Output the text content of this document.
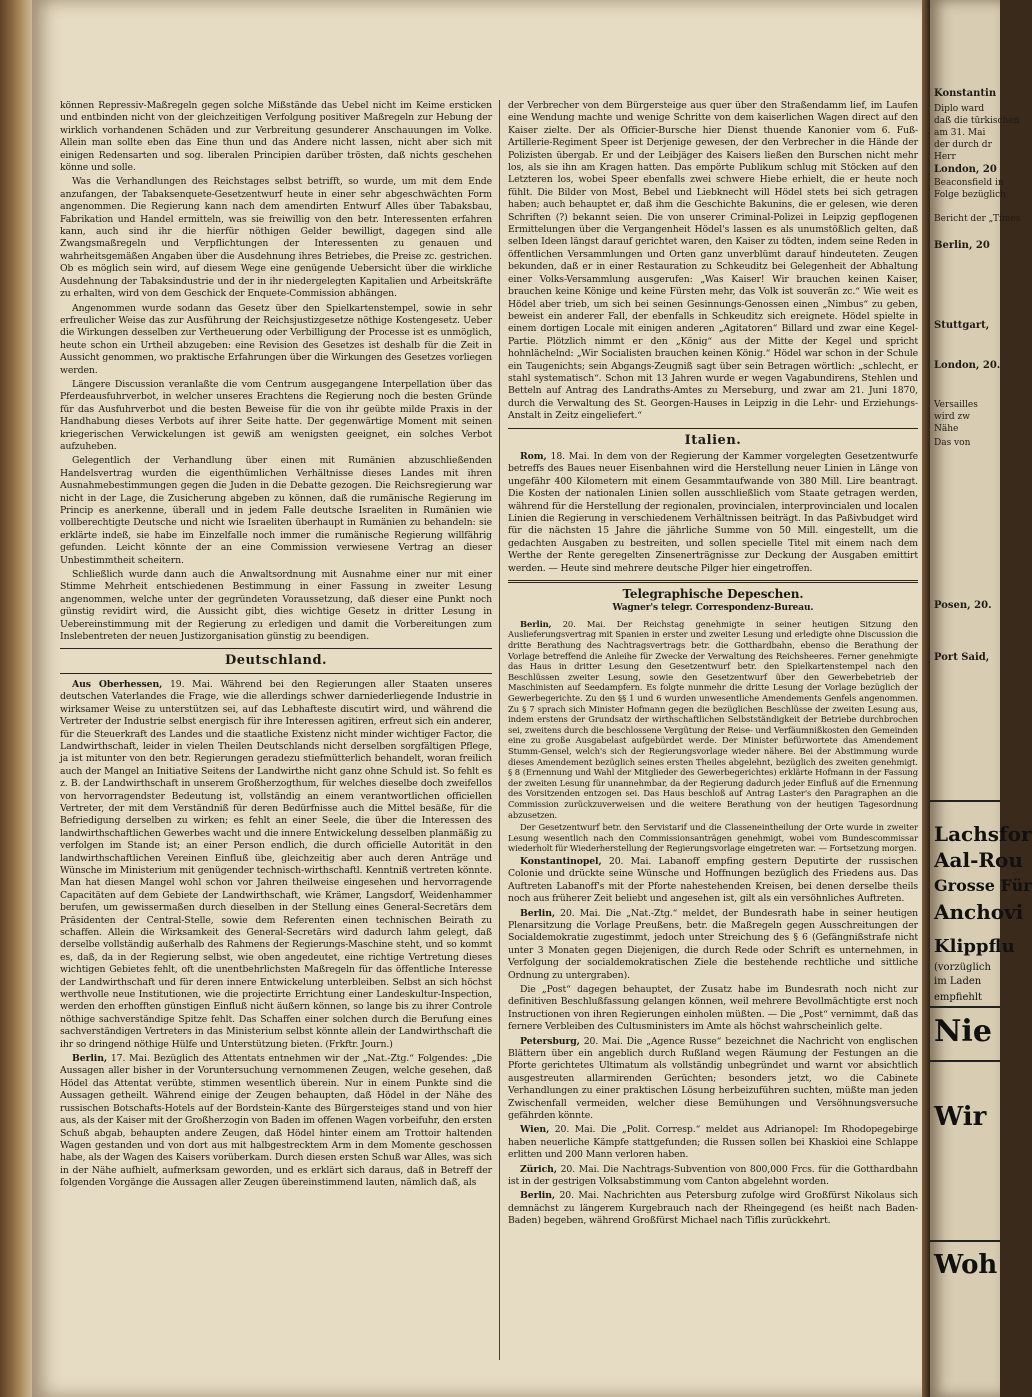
können Repressiv-Maßregeln gegen solche Mißstände das Uebel nicht im Keime ersticken und entbinden nicht von der gleichzeitigen Verfolgung positiver Maßregeln zur Hebung der wirklich vorhandenen Schäden und zur Verbreitung gesunderer Anschauungen im Volke. Allein man sollte eben das Eine thun und das Andere nicht lassen, nicht aber sich mit einigen Redensarten und sog. liberalen Principien darüber trösten, daß nichts geschehen könne und solle.

Was die Verhandlungen des Reichstages selbst betrifft, so wurde, um mit dem Ende anzufangen, der Tabaksenquete-Gesetzentwurf heute in einer sehr abgeschwächten Form angenommen. Die Regierung kann nach dem amendirten Entwurf Alles über Tabaksbau, Fabrikation und Handel ermitteln, was sie freiwillig von den betr. Interessenten erfahren kann, auch sind ihr die hierfür nöthigen Gelder bewilligt, dagegen sind alle Zwangsmaßregeln und Verpflichtungen der Interessenten zu genauen und wahrheitsgemäßen Angaben über die Ausdehnung ihres Betriebes, die Preise zc. gestrichen. Ob es möglich sein wird, auf diesem Wege eine genügende Uebersicht über die wirkliche Ausdehnung der Tabaksindustrie und der in ihr niedergelegten Kapitalien und Arbeitskräfte zu erhalten, wird von dem Geschick der Enquete-Commission abhängen.

Angenommen wurde sodann das Gesetz über den Spielkartenstempel, sowie in sehr erfreulicher Weise das zur Ausführung der Reichsjustizgesetze nöthige Kostengesetz. Ueber die Wirkungen desselben zur Vertheuerung oder Verbilligung der Processe ist es unmöglich, heute schon ein Urtheil abzugeben: eine Revision des Gesetzes ist deshalb für die Zeit in Aussicht genommen, wo praktische Erfahrungen über die Wirkungen des Gesetzes vorliegen werden.

Längere Discussion veranlaßte die vom Centrum ausgegangene Interpellation über das Pferdeausfuhrverbot, in welcher unseres Erachtens die Regierung noch die besten Gründe für das Ausfuhrverbot und die besten Beweise für die von ihr geübte milde Praxis in der Handhabung dieses Verbots auf ihrer Seite hatte. Der gegenwärtige Moment mit seinen kriegerischen Verwickelungen ist gewiß am wenigsten geeignet, ein solches Verbot aufzuheben.

Gelegentlich der Verhandlung über einen mit Rumänien abzuschließenden Handelsvertrag wurden die eigenthümlichen Verhältnisse dieses Landes mit ihren Ausnahmebestimmungen gegen die Juden in die Debatte gezogen. Die Reichsregierung war nicht in der Lage, die Zusicherung abgeben zu können, daß die rumänische Regierung im Princip es anerkenne, überall und in jedem Falle deutsche Israeliten in Rumänien wie vollberechtigte Deutsche und nicht wie Israeliten überhaupt in Rumänien zu behandeln: sie erklärte indeß, sie habe im Einzelfalle noch immer die rumänische Regierung willfährig gefunden. Leicht könnte der an eine Commission verwiesene Vertrag an dieser Unbestimmtheit scheitern.

Schließlich wurde dann auch die Anwaltsordnung mit Ausnahme einer nur mit einer Stimme Mehrheit entschiedenen Bestimmung in einer Fassung in zweiter Lesung angenommen, welche unter der gegründeten Voraussetzung, daß dieser eine Punkt noch günstig revidirt wird, die Aussicht gibt, dies wichtige Gesetz in dritter Lesung in Uebereinstimmung mit der Regierung zu erledigen und damit die Vorbereitungen zum Inslebentreten der neuen Justizorganisation günstig zu beendigen.

Deutschland.

Aus Oberhessen, 19. Mai. Während bei den Regierungen aller Staaten unseres deutschen Vaterlandes die Frage, wie die allerdings schwer darniederliegende Industrie in wirksamer Weise zu unterstützen sei, auf das Lebhafteste discutirt wird, und während die Vertreter der Industrie selbst energisch für ihre Interessen agitiren, erfreut sich ein anderer, für die Steuerkraft des Landes und die staatliche Existenz nicht minder wichtiger Factor, die Landwirthschaft, leider in vielen Theilen Deutschlands nicht derselben sorgfältigen Pflege, ja ist mitunter von den betr. Regierungen geradezu stiefmütterlich behandelt, woran freilich auch der Mangel an Initiative Seitens der Landwirthe nicht ganz ohne Schuld ist. So fehlt es z. B. der Landwirthschaft in unserem Großherzogthum, für welches dieselbe doch zweifellos von hervorragendster Bedeutung ist, vollständig an einem verantwortlichen officiellen Vertreter, der mit dem Verständniß für deren Bedürfnisse auch die Mittel besäße, für die Befriedigung derselben zu wirken; es fehlt an einer Seele, die über die Interessen des landwirthschaftlichen Gewerbes wacht und die innere Entwickelung desselben planmäßig zu verfolgen im Stande ist; an einer Person endlich, die durch officielle Autorität in den landwirthschaftlichen Vereinen Einfluß übe, gleichzeitig aber auch deren Anträge und Wünsche im Ministerium mit genügender technisch-wirthschaftl. Kenntniß vertreten könnte. Man hat diesen Mangel wohl schon vor Jahren theilweise eingesehen und hervorragende Capacitäten auf dem Gebiete der Landwirthschaft, wie Krämer, Langsdorf, Weidenhammer berufen, um gewissermaßen durch dieselben in der Stellung eines General-Secretärs dem Präsidenten der Central-Stelle, sowie dem Referenten einen technischen Beirath zu schaffen. Allein die Wirksamkeit des General-Secretärs wird dadurch lahm gelegt, daß derselbe vollständig außerhalb des Rahmens der Regierungs-Maschine steht, und so kommt es, daß, da in der Regierung selbst, wie oben angedeutet, eine richtige Vertretung dieses wichtigen Gebietes fehlt, oft die unentbehrlichsten Maßregeln für das öffentliche Interesse der Landwirthschaft und für deren innere Entwickelung unterbleiben. Selbst an sich höchst werthvolle neue Institutionen, wie die projectirte Errichtung einer Landeskultur-Inspection, werden den erhofften günstigen Einfluß nicht äußern können, so lange bis zu ihrer Controle nöthige sachverständige Spitze fehlt. Das Schaffen einer solchen durch die Berufung eines sachverständigen Vertreters in das Ministerium selbst könnte allein der Landwirthschaft die ihr so dringend nöthige Hülfe und Unterstützung bieten. (Frkftr. Journ.)

Berlin, 17. Mai. Bezüglich des Attentats entnehmen wir der „Nat.-Ztg.“ Folgendes: „Die Aussagen aller bisher in der Voruntersuchung vernommenen Zeugen, welche gesehen, daß Hödel das Attentat verübte, stimmen wesentlich überein. Nur in einem Punkte sind die Aussagen getheilt. Während einige der Zeugen behaupten, daß Hödel in der Nähe des russischen Botschafts-Hotels auf der Bordstein-Kante des Bürgersteiges stand und von hier aus, als der Kaiser mit der Großherzogin von Baden im offenen Wagen vorbeifuhr, den ersten Schuß abgab, behaupten andere Zeugen, daß Hödel hinter einem am Trottoir haltenden Wagen gestanden und von dort aus mit halbgestrecktem Arm in dem Momente geschossen habe, als der Wagen des Kaisers vorüberkam. Durch diesen ersten Schuß war Alles, was sich in der Nähe aufhielt, aufmerksam geworden, und es erklärt sich daraus, daß in Betreff der folgenden Vorgänge die Aussagen aller Zeugen übereinstimmend lauten, nämlich daß, als

der Verbrecher von dem Bürgersteige aus quer über den Straßendamm lief, im Laufen eine Wendung machte und wenige Schritte von dem kaiserlichen Wagen direct auf den Kaiser zielte. Der als Officier-Bursche hier Dienst thuende Kanonier vom 6. Fuß-Artillerie-Regiment Speer ist Derjenige gewesen, der den Verbrecher in die Hände der Polizisten übergab. Er und der Leibjäger des Kaisers ließen den Burschen nicht mehr los, als sie ihn am Kragen hatten. Das empörte Publikum schlug mit Stöcken auf den Letzteren los, wobei Speer ebenfalls zwei schwere Hiebe erhielt, die er heute noch fühlt. Die Bilder von Most, Bebel und Liebknecht will Hödel stets bei sich getragen haben; auch behauptet er, daß ihm die Geschichte Bakunins, die er gelesen, wie deren Schriften (?) bekannt seien. Die von unserer Criminal-Polizei in Leipzig gepflogenen Ermittelungen über die Vergangenheit Hödel's lassen es als unumstößlich gelten, daß selben Ideen längst darauf gerichtet waren, den Kaiser zu tödten, indem seine Reden in öffentlichen Versammlungen und Orten ganz unverblümt darauf hindeuteten. Zeugen bekunden, daß er in einer Restauration zu Schkeuditz bei Gelegenheit der Abhaltung einer Volks-Versammlung ausgerufen: „Was Kaiser! Wir brauchen keinen Kaiser, brauchen keine Könige und keine Fürsten mehr, das Volk ist souverän zc.“ Wie weit es Hödel aber trieb, um sich bei seinen Gesinnungs-Genossen einen „Nimbus“ zu geben, beweist ein anderer Fall, der ebenfalls in Schkeuditz sich ereignete. Hödel spielte in einem dortigen Locale mit einigen anderen „Agitatoren“ Billard und zwar eine Kegel-Partie. Plötzlich nimmt er den „König“ aus der Mitte der Kegel und spricht hohnlächelnd: „Wir Socialisten brauchen keinen König.“ Hödel war schon in der Schule ein Taugenichts; sein Abgangs-Zeugniß sagt über sein Betragen wörtlich: „schlecht, er stahl systematisch“. Schon mit 13 Jahren wurde er wegen Vagabundirens, Stehlen und Betteln auf Antrag des Landraths-Amtes zu Merseburg, und zwar am 21. Juni 1870, durch die Verwaltung des St. Georgen-Hauses in Leipzig in die Lehr- und Erziehungs-Anstalt in Zeitz eingeliefert.“

Italien.

Rom, 18. Mai. In dem von der Regierung der Kammer vorgelegten Gesetzentwurfe betreffs des Baues neuer Eisenbahnen wird die Herstellung neuer Linien in Länge von ungefähr 400 Kilometern mit einem Gesammtaufwande von 380 Mill. Lire beantragt. Die Kosten der nationalen Linien sollen ausschließlich vom Staate getragen werden, während für die Herstellung der regionalen, provincialen, interprovincialen und localen Linien die Regierung in verschiedenem Verhältnissen beiträgt. In das Paßivbudget wird für die nächsten 15 Jahre die jährliche Summe von 50 Mill. eingestellt, um die gedachten Ausgaben zu bestreiten, und sollen specielle Titel mit einem nach dem Werthe der Rente geregelten Zinsenerträgnisse zur Deckung der Ausgaben emittirt werden. — Heute sind mehrere deutsche Pilger hier eingetroffen.

Telegraphische Depeschen.
Wagner's telegr. Correspondenz-Bureau.

Berlin, 20. Mai. Der Reichstag genehmigte in seiner heutigen Sitzung den Auslieferungsvertrag mit Spanien in erster und zweiter Lesung und erledigte ohne Discussion die dritte Berathung des Nachtragsvertrags betr. die Gotthardbahn, ebenso die Berathung der Vorlage betreffend die Anleihe für Zwecke der Verwaltung des Reichsheeres. Ferner genehmigte das Haus in dritter Lesung den Gesetzentwurf betr. den Spielkartenstempel nach den Beschlüssen zweiter Lesung, sowie den Gesetzentwurf über den Gewerbebetrieb der Maschinisten auf Seedampfern. Es folgte nunmehr die dritte Lesung der Vorlage bezüglich der Gewerbegerichte. Zu den §§ 1 und 6 wurden unwesentliche Amendements Genfels angenommen. Zu § 7 sprach sich Minister Hofmann gegen die bezüglichen Beschlüsse der zweiten Lesung aus, indem erstens der Grundsatz der wirthschaftlichen Selbstständigkeit der Betriebe durchbrochen sei, zweitens durch die beschlossene Vergütung der Reise- und Verfäumnißkosten den Gemeinden eine zu große Ausgabelast aufgebürdet werde. Der Minister befürwortete das Amendement Stumm-Gensel, welch's sich der Regierungsvorlage wieder nähere. Bei der Abstimmung wurde dieses Amendement bezüglich seines ersten Theiles abgelehnt, bezüglich des zweiten genehmigt. § 8 (Ernennung und Wahl der Mitglieder des Gewerbegerichtes) erklärte Hofmann in der Fassung der zweiten Lesung für unannehmbar, da der Regierung dadurch jeder Einfluß auf die Ernennung des Vorsitzenden entzogen sei. Das Haus beschloß auf Antrag Laster's den Paragraphen an die Commission zurückzuverweisen und die weitere Berathung von der heutigen Tagesordnung abzusetzen.

Der Gesetzentwurf betr. den Servistarif und die Classeneintheilung der Orte wurde in zweiter Lesung wesentlich nach den Commissionsanträgen genehmigt, wobei vom Bundescommissar wiederholt für Wiederherstellung der Regierungsvorlage eingetreten war. — Fortsetzung morgen.

Konstantinopel, 20. Mai. Labanoff empfing gestern Deputirte der russischen Colonie und drückte seine Wünsche und Hoffnungen bezüglich des Friedens aus. Das Auftreten Labanoff's mit der Pforte nahestehenden Kreisen, bei denen derselbe theils noch aus früherer Zeit beliebt und angesehen ist, gilt als ein versöhnliches Auftreten.

Berlin, 20. Mai. Die „Nat.-Ztg.“ meldet, der Bundesrath habe in seiner heutigen Plenarsitzung die Vorlage Preußens, betr. die Maßregeln gegen Ausschreitungen der Socialdemokratie zugestimmt, jedoch unter Streichung des § 6 (Gefängnißstrafe nicht unter 3 Monaten gegen Diejenigen, die durch Rede oder Schrift es unternehmen, in Verfolgung der socialdemokratischen Ziele die bestehende rechtliche und sittliche Ordnung zu untergraben).

Die „Post“ dagegen behauptet, der Zusatz habe im Bundesrath noch nicht zur definitiven Beschlußfassung gelangen können, weil mehrere Bevollmächtigte erst noch Instructionen von ihren Regierungen einholen müßten. — Die „Post“ vernimmt, daß das fernere Verbleiben des Cultusministers im Amte als höchst wahrscheinlich gelte.

Petersburg, 20. Mai. Die „Agence Russe“ bezeichnet die Nachricht von englischen Blättern über ein angeblich durch Rußland wegen Räumung der Festungen an die Pforte gerichtetes Ultimatum als vollständig unbegründet und warnt vor absichtlich ausgestreuten allarmirenden Gerüchten; besonders jetzt, wo die Cabinete Verhandlungen zu einer praktischen Lösung herbeizuführen suchten, müßte man jeden Zwischenfall vermeiden, welcher diese Bemühungen und Versöhnungsversuche gefährden könnte.

Wien, 20. Mai. Die „Polit. Corresp.“ meldet aus Adrianopel: Im Rhodopegebirge haben neuerliche Kämpfe stattgefunden; die Russen sollen bei Khaskioi eine Schlappe erlitten und 200 Mann verloren haben.

Zürich, 20. Mai. Die Nachtrags-Subvention von 800,000 Frcs. für die Gotthardbahn ist in der gestrigen Volksabstimmung vom Canton abgelehnt worden.

Berlin, 20. Mai. Nachrichten aus Petersburg zufolge wird Großfürst Nikolaus sich demnächst zu längerem Kurgebrauch nach der Rheingegend (es heißt nach Baden-Baden) begeben, während Großfürst Michael nach Tiflis zurückkehrt.

Konstantin
Diplo ward
daß die türkischen
am 31. Mai
der durch dr
Herr
London, 20
Beaconsfield in
Folge bezüglich
Bericht der „Times
Berlin, 20
Stuttgart,
London, 20.
Versailles
wird zw
Nähe
Das von
Posen, 20.
Port Said,
Lachsfor
Aal-Rou
Grosse Für
Anchovi
Klippflu
(vorzüglich
im Laden
empfiehlt
Nie
Wir
Woh
